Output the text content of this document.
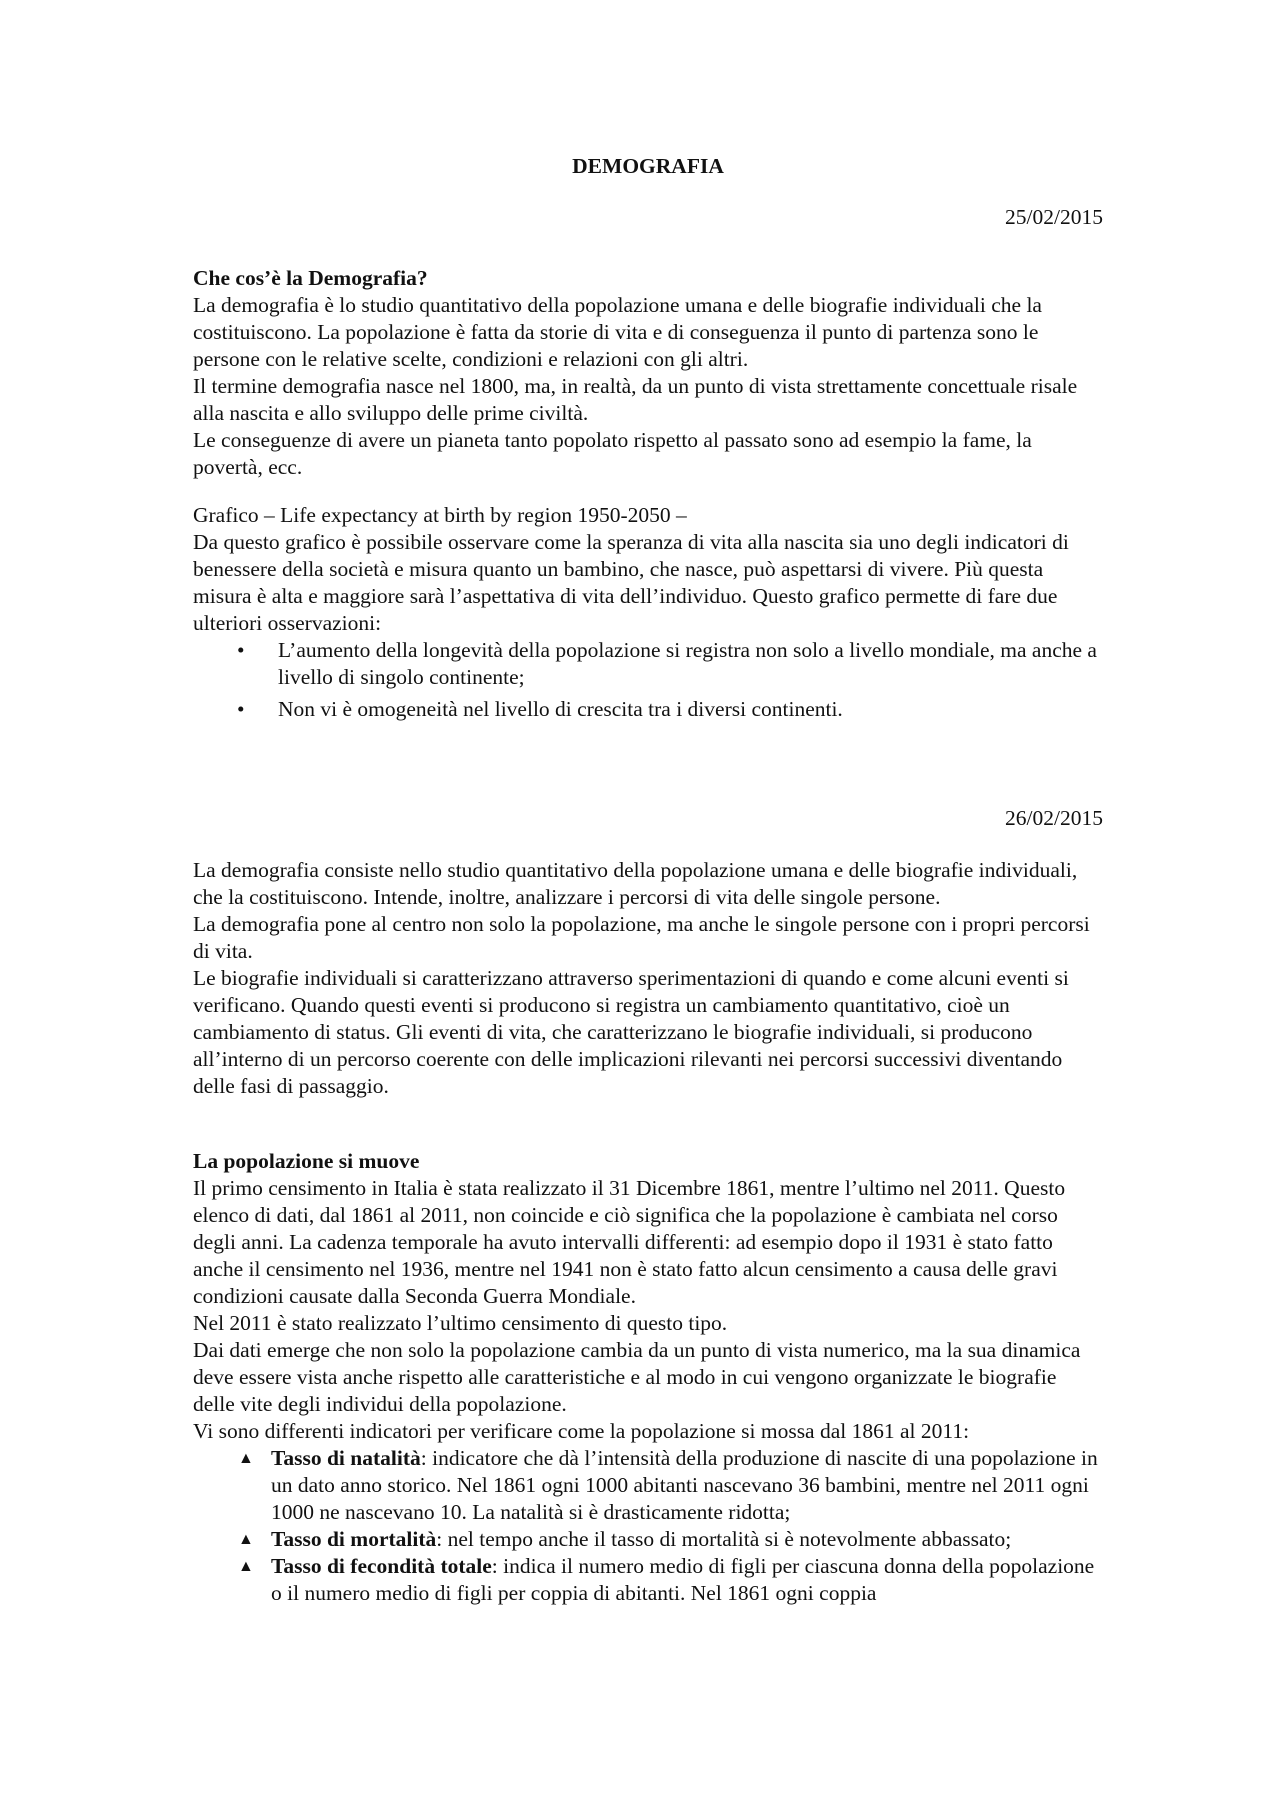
DEMOGRAFIA
25/02/2015

Che cos’è la Demografia?

La demografia è lo studio quantitativo della popolazione umana e delle biografie individuali che la costituiscono. La popolazione è fatta da storie di vita e di conseguenza il punto di partenza sono le persone con le relative scelte, condizioni e relazioni con gli altri.

Il termine demografia nasce nel 1800, ma, in realtà, da un punto di vista strettamente concettuale risale alla nascita e allo sviluppo delle prime civiltà.

Le conseguenze di avere un pianeta tanto popolato rispetto al passato sono ad esempio la fame, la povertà, ecc.

Grafico – Life expectancy at birth by region 1950-2050 –

Da questo grafico è possibile osservare come la speranza di vita alla nascita sia uno degli indicatori di benessere della società e misura quanto un bambino, che nasce, può aspettarsi di vivere. Più questa misura è alta e maggiore sarà l’aspettativa di vita dell’individuo. Questo grafico permette di fare due ulteriori osservazioni:

• L’aumento della longevità della popolazione si registra non solo a livello mondiale, ma anche a livello di singolo continente;
• Non vi è omogeneità nel livello di crescita tra i diversi continenti.
26/02/2015

La demografia consiste nello studio quantitativo della popolazione umana e delle biografie individuali, che la costituiscono. Intende, inoltre, analizzare i percorsi di vita delle singole persone.

La demografia pone al centro non solo la popolazione, ma anche le singole persone con i propri percorsi di vita.

Le biografie individuali si caratterizzano attraverso sperimentazioni di quando e come alcuni eventi si verificano. Quando questi eventi si producono si registra un cambiamento quantitativo, cioè un cambiamento di status. Gli eventi di vita, che caratterizzano le biografie individuali, si producono all’interno di un percorso coerente con delle implicazioni rilevanti nei percorsi successivi diventando delle fasi di passaggio.

La popolazione si muove

Il primo censimento in Italia è stata realizzato il 31 Dicembre 1861, mentre l’ultimo nel 2011. Questo elenco di dati, dal 1861 al 2011, non coincide e ciò significa che la popolazione è cambiata nel corso degli anni. La cadenza temporale ha avuto intervalli differenti: ad esempio dopo il 1931 è stato fatto anche il censimento nel 1936, mentre nel 1941 non è stato fatto alcun censimento a causa delle gravi condizioni causate dalla Seconda Guerra Mondiale.

Nel 2011 è stato realizzato l’ultimo censimento di questo tipo.

Dai dati emerge che non solo la popolazione cambia da un punto di vista numerico, ma la sua dinamica deve essere vista anche rispetto alle caratteristiche e al modo in cui vengono organizzate le biografie delle vite degli individui della popolazione.

Vi sono differenti indicatori per verificare come la popolazione si mossa dal 1861 al 2011:

▲ Tasso di natalità: indicatore che dà l’intensità della produzione di nascite di una popolazione in un dato anno storico. Nel 1861 ogni 1000 abitanti nascevano 36 bambini, mentre nel 2011 ogni 1000 ne nascevano 10. La natalità si è drasticamente ridotta;
▲ Tasso di mortalità: nel tempo anche il tasso di mortalità si è notevolmente abbassato;
▲ Tasso di fecondità totale: indica il numero medio di figli per ciascuna donna della popolazione o il numero medio di figli per coppia di abitanti. Nel 1861 ogni coppia
